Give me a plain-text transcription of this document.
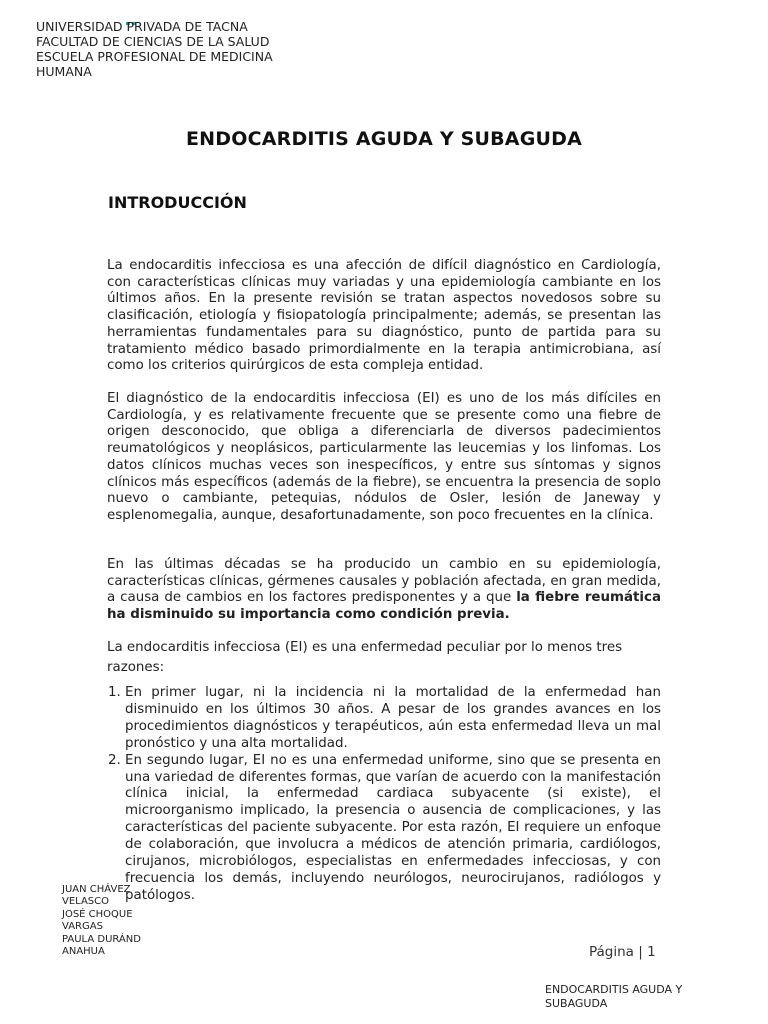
UNIVERSIDAD PRIVADA DE TACNA
FACULTAD DE CIENCIAS DE LA SALUD
ESCUELA PROFESIONAL DE MEDICINA
HUMANA
ENDOCARDITIS AGUDA Y SUBAGUDA
INTRODUCCIÓN

La endocarditis infecciosa es una afección de difícil diagnóstico en Cardiología, con características clínicas muy variadas y una epidemiología cambiante en los últimos años. En la presente revisión se tratan aspectos novedosos sobre su clasificación, etiología y fisiopatología principalmente; además, se presentan las herramientas fundamentales para su diagnóstico, punto de partida para su tratamiento médico basado primordialmente en la terapia antimicrobiana, así como los criterios quirúrgicos de esta compleja entidad.

El diagnóstico de la endocarditis infecciosa (EI) es uno de los más difíciles en Cardiología, y es relativamente frecuente que se presente como una fiebre de origen desconocido, que obliga a diferenciarla de diversos padecimientos reumatológicos y neoplásicos, particularmente las leucemias y los linfomas. Los datos clínicos muchas veces son inespecíficos, y entre sus síntomas y signos clínicos más específicos (además de la fiebre), se encuentra la presencia de soplo nuevo o cambiante, petequias, nódulos de Osler, lesión de Janeway y esplenomegalia, aunque, desafortunadamente, son poco frecuentes en la clínica.

En las últimas décadas se ha producido un cambio en su epidemiología, características clínicas, gérmenes causales y población afectada, en gran medida, a causa de cambios en los factores predisponentes y a que la fiebre reumática ha disminuido su importancia como condición previa.

La endocarditis infecciosa (EI) es una enfermedad peculiar por lo menos tres razones:

1. En primer lugar, ni la incidencia ni la mortalidad de la enfermedad han disminuido en los últimos 30 años. A pesar de los grandes avances en los procedimientos diagnósticos y terapéuticos, aún esta enfermedad lleva un mal pronóstico y una alta mortalidad.
2. En segundo lugar, EI no es una enfermedad uniforme, sino que se presenta en una variedad de diferentes formas, que varían de acuerdo con la manifestación clínica inicial, la enfermedad cardiaca subyacente (si existe), el microorganismo implicado, la presencia o ausencia de complicaciones, y las características del paciente subyacente. Por esta razón, EI requiere un enfoque de colaboración, que involucra a médicos de atención primaria, cardiólogos, cirujanos, microbiólogos, especialistas en enfermedades infecciosas, y con frecuencia los demás, incluyendo neurólogos, neurocirujanos, radiólogos y patólogos.
JUAN CHÁVEZ
VELASCO
JOSÉ CHOQUE
VARGAS
PAULA DURÁND
ANAHUA	Página | 1
ENDOCARDITIS AGUDA Y SUBAGUDA
